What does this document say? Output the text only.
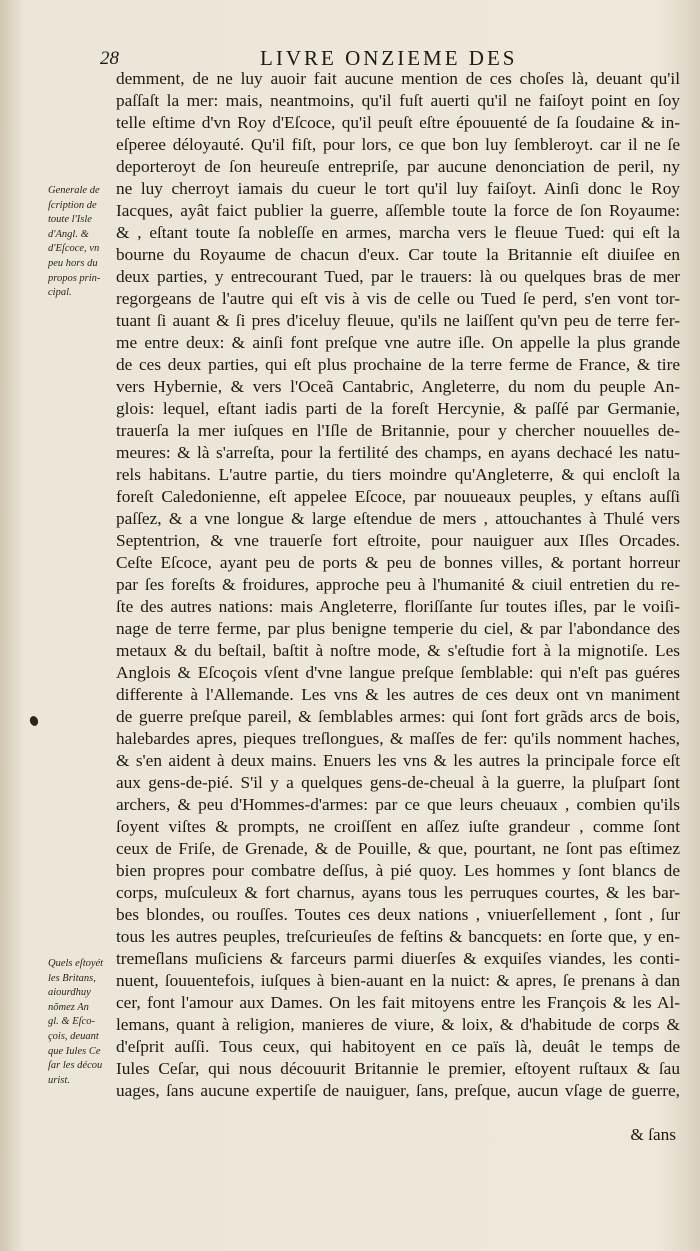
28	LIVRE ONZIEME DES
Generale de
ſcription de
toute l'Isle
d'Angl. &
d'Eſcoce, vn
peu hors du
propos prin-
cipal.
Quels eſtoyét
les Britans,
aiourdhuy
nõmez An
gl. & Eſco-
çois, deuant
que Iules Ce
ſar les décou
urist.
demment, de ne luy auoir fait aucune mention de ces choſes là, deuant qu'il
paſſaſt la mer: mais, neantmoins, qu'il fuſt auerti qu'il ne faiſoyt point en ſoy
telle eſtime d'vn Roy d'Eſcoce, qu'il peuſt eſtre épouuenté de ſa ſoudaine & in-
eſperee déloyauté. Qu'il fiſt, pour lors, ce que bon luy ſembleroyt. car il ne ſe
deporteroyt de ſon heureuſe entrepriſe, par aucune denonciation de peril, ny
ne luy cherroyt iamais du cueur le tort qu'il luy faiſoyt. Ainſi donc le Roy
Iacques, ayât faict publier la guerre, aſſemble toute la force de ſon Royaume:
& , eſtant toute ſa nobleſſe en armes, marcha vers le fleuue Tued: qui eſt la
bourne du Royaume de chacun d'eux. Car toute la Britannie eſt diuiſee en
deux parties, y entrecourant Tued, par le trauers: là ou quelques bras de mer
regorgeans de l'autre qui eſt vis à vis de celle ou Tued ſe perd, s'en vont tor-
tuant ſi auant & ſi pres d'iceluy fleuue, qu'ils ne laiſſent qu'vn peu de terre fer-
me entre deux: & ainſi font preſque vne autre iſle. On appelle la plus grande
de ces deux parties, qui eſt plus prochaine de la terre ferme de France, & tire
vers Hybernie, & vers l'Oceã Cantabric, Angleterre, du nom du peuple An-
glois: lequel, eſtant iadis parti de la foreſt Hercynie, & paſſé par Germanie,
trauerſa la mer iuſques en l'Iſle de Britannie, pour y chercher nouuelles de-
meures: & là s'arreſta, pour la fertilité des champs, en ayans dechacé les natu-
rels habitans. L'autre partie, du tiers moindre qu'Angleterre, & qui encloſt la
foreſt Caledonienne, eſt appelee Eſcoce, par nouueaux peuples, y eſtans auſſi
paſſez, & a vne longue & large eſtendue de mers , attouchantes à Thulé vers
Septentrion, & vne trauerſe fort eſtroite, pour nauiguer aux Iſles Orcades.
Ceſte Eſcoce, ayant peu de ports & peu de bonnes villes, & portant horreur
par ſes foreſts & froidures, approche peu à l'humanité & ciuil entretien du re-
ſte des autres nations: mais Angleterre, floriſſante ſur toutes iſles, par le voiſi-
nage de terre ferme, par plus benigne temperie du ciel, & par l'abondance des
metaux & du beſtail, baſtit à noſtre mode, & s'eſtudie fort à la mignotiſe. Les
Anglois & Eſcoçois vſent d'vne langue preſque ſemblable: qui n'eſt pas guéres
differente à l'Allemande. Les vns & les autres de ces deux ont vn maniment
de guerre preſque pareil, & ſemblables armes: qui ſont fort grãds arcs de bois,
halebardes apres, pieques treſlongues, & maſſes de fer: qu'ils nomment haches,
& s'en aident à deux mains. Enuers les vns & les autres la principale force eſt
aux gens-de-pié. S'il y a quelques gens-de-cheual à la guerre, la pluſpart ſont
archers, & peu d'Hommes-d'armes: par ce que leurs cheuaux , combien qu'ils
ſoyent viſtes & prompts, ne croiſſent en aſſez iuſte grandeur , comme ſont
ceux de Friſe, de Grenade, & de Pouille, & que, pourtant, ne ſont pas eſtimez
bien propres pour combatre deſſus, à pié quoy. Les hommes y ſont blancs de
corps, muſculeux & fort charnus, ayans tous les perruques courtes, & les bar-
bes blondes, ou rouſſes. Toutes ces deux nations , vniuerſellement , ſont , ſur
tous les autres peuples, treſcurieuſes de feſtins & bancquets: en ſorte que, y en-
tremeſlans muſiciens & farceurs parmi diuerſes & exquiſes viandes, les conti-
nuent, ſouuentefois, iuſques à bien-auant en la nuict: & apres, ſe prenans à dan
cer, font l'amour aux Dames. On les fait mitoyens entre les François & les Al-
lemans, quant à religion, manieres de viure, & loix, & d'habitude de corps &
d'eſprit auſſi. Tous ceux, qui habitoyent en ce païs là, deuât le temps de
Iules Ceſar, qui nous découurit Britannie le premier, eſtoyent ruſtaux & ſau
uages, ſans aucune expertiſe de nauiguer, ſans, preſque, aucun vſage de guerre,
& ſans
